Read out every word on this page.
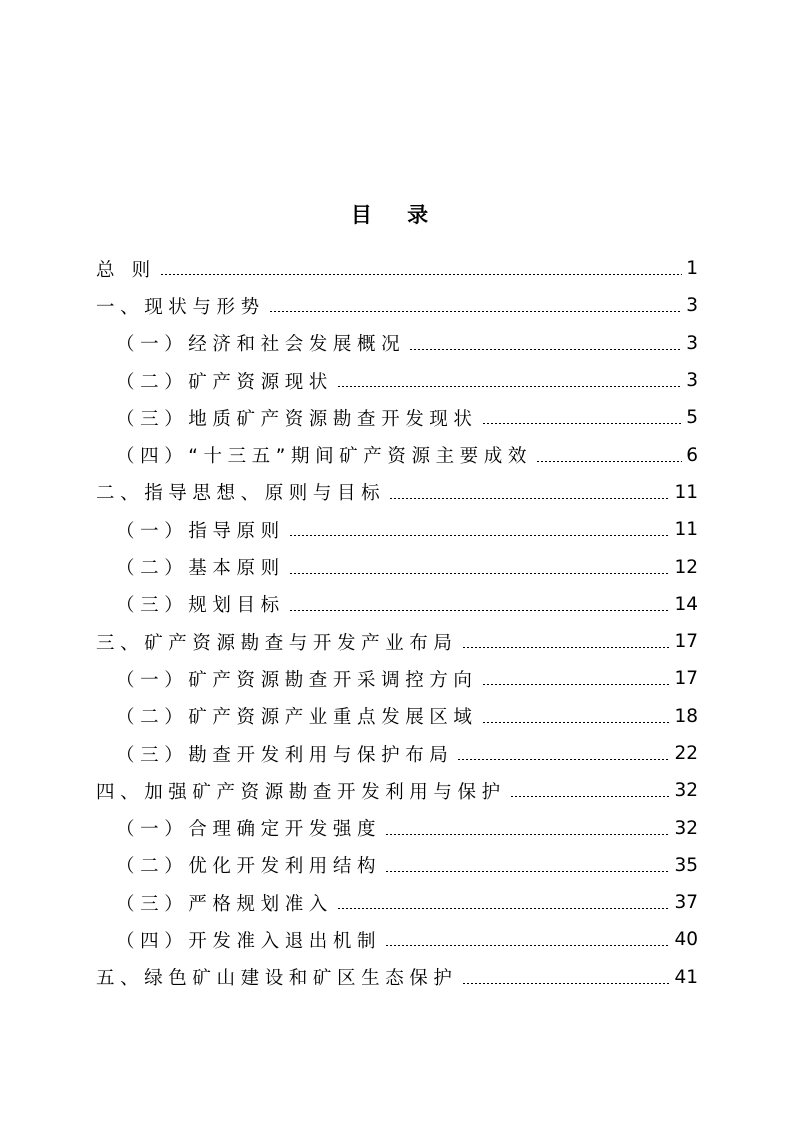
目 录
总 则	1
一、现状与形势	3
（一）经济和社会发展概况	3
（二）矿产资源现状	3
（三）地质矿产资源勘查开发现状	5
（四）“十三五”期间矿产资源主要成效	6
二、指导思想、原则与目标	11
（一）指导原则	11
（二）基本原则	12
（三）规划目标	14
三、矿产资源勘查与开发产业布局	17
（一）矿产资源勘查开采调控方向	17
（二）矿产资源产业重点发展区域	18
（三）勘查开发利用与保护布局	22
四、加强矿产资源勘查开发利用与保护	32
（一）合理确定开发强度	32
（二）优化开发利用结构	35
（三）严格规划准入	37
（四）开发准入退出机制	40
五、绿色矿山建设和矿区生态保护	41
